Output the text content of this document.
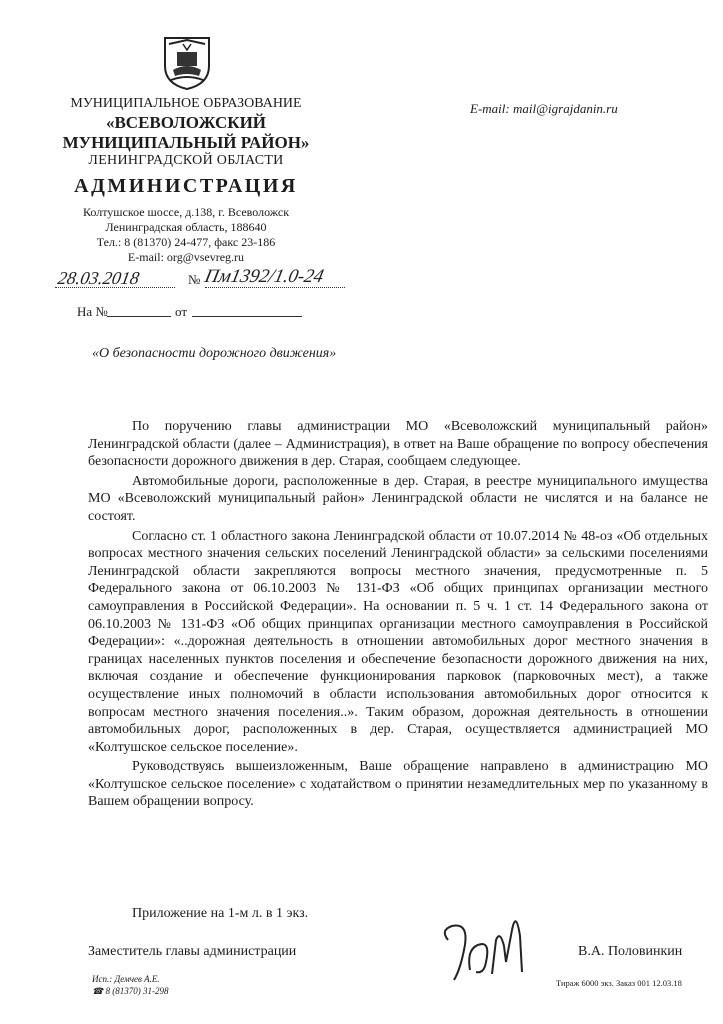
МУНИЦИПАЛЬНОЕ ОБРАЗОВАНИЕ
«ВСЕВОЛОЖСКИЙ
МУНИЦИПАЛЬНЫЙ РАЙОН»
ЛЕНИНГРАДСКОЙ ОБЛАСТИ
АДМИНИСТРАЦИЯ
Колтушское шоссе, д.138, г. Всеволожск
Ленинградская область, 188640
Тел.: 8 (81370) 24-477, факс 23-186
E-mail: org@vsevreg.ru
E-mail: mail@igrajdanin.ru
28.03.2018	№ Пм1392/1.0-24
На №	от
«О безопасности дорожного движения»

По поручению главы администрации МО «Всеволожский муниципальный район» Ленинградской области (далее – Администрация), в ответ на Ваше обращение по вопросу обеспечения безопасности дорожного движения в дер. Старая, сообщаем следующее.

Автомобильные дороги, расположенные в дер. Старая, в реестре муниципального имущества МО «Всеволожский муниципальный район» Ленинградской области не числятся и на балансе не состоят.

Согласно ст. 1 областного закона Ленинградской области от 10.07.2014 № 48-оз «Об отдельных вопросах местного значения сельских поселений Ленинградской области» за сельскими поселениями Ленинградской области закрепляются вопросы местного значения, предусмотренные п. 5 Федерального закона от 06.10.2003 № 131-ФЗ «Об общих принципах организации местного самоуправления в Российской Федерации». На основании п. 5 ч. 1 ст. 14 Федерального закона от 06.10.2003 № 131-ФЗ «Об общих принципах организации местного самоуправления в Российской Федерации»: «..дорожная деятельность в отношении автомобильных дорог местного значения в границах населенных пунктов поселения и обеспечение безопасности дорожного движения на них, включая создание и обеспечение функционирования парковок (парковочных мест), а также осуществление иных полномочий в области использования автомобильных дорог относится к вопросам местного значения поселения..». Таким образом, дорожная деятельность в отношении автомобильных дорог, расположенных в дер. Старая, осуществляется администрацией МО «Колтушское сельское поселение».

Руководствуясь вышеизложенным, Ваше обращение направлено в администрацию МО «Колтушское сельское поселение» с ходатайством о принятии незамедлительных мер по указанному в Вашем обращении вопросу.

Приложение на 1-м л. в 1 экз.
Заместитель главы администрации	В.А. Половинкин
Исп.: Демчев А.Е.
☎ 8 (81370) 31-298
Тираж 6000 экз. Заказ 001 12.03.18
